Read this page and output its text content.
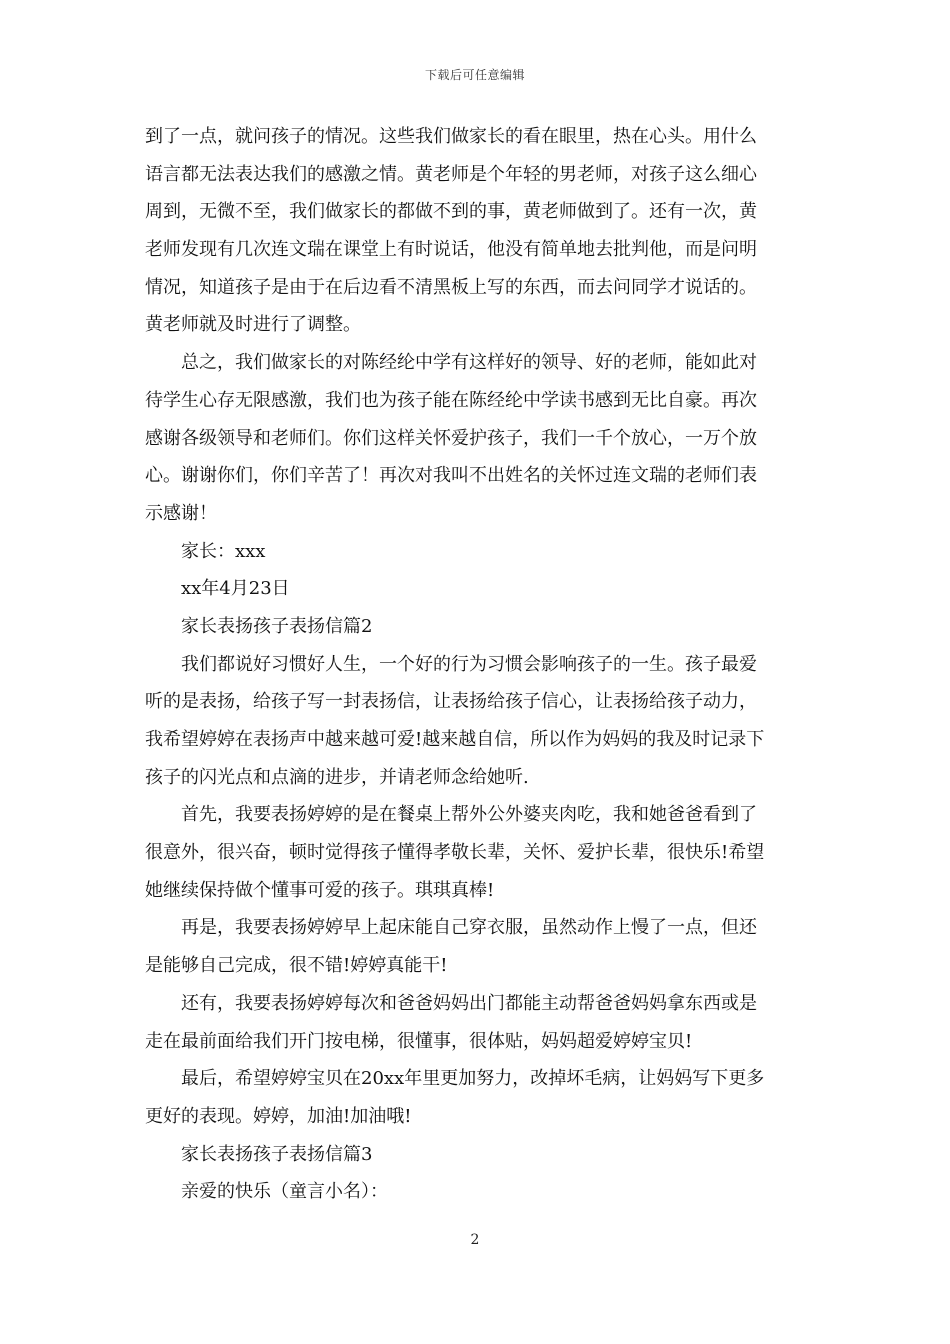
下载后可任意编辑
到了一点，就问孩子的情况。这些我们做家长的看在眼里，热在心头。用什么
语言都无法表达我们的感激之情。黄老师是个年轻的男老师，对孩子这么细心
周到，无微不至，我们做家长的都做不到的事，黄老师做到了。还有一次，黄
老师发现有几次连文瑞在课堂上有时说话，他没有简单地去批判他，而是问明
情况，知道孩子是由于在后边看不清黑板上写的东西，而去问同学才说话的。
黄老师就及时进行了调整。
总之，我们做家长的对陈经纶中学有这样好的领导、好的老师，能如此对
待学生心存无限感激，我们也为孩子能在陈经纶中学读书感到无比自豪。再次
感谢各级领导和老师们。你们这样关怀爱护孩子，我们一千个放心，一万个放
心。谢谢你们，你们辛苦了！再次对我叫不出姓名的关怀过连文瑞的老师们表
示感谢！
家长：xxx
xx年4月23日
家长表扬孩子表扬信篇2
我们都说好习惯好人生，一个好的行为习惯会影响孩子的一生。孩子最爱
听的是表扬，给孩子写一封表扬信，让表扬给孩子信心，让表扬给孩子动力，
我希望婷婷在表扬声中越来越可爱!越来越自信，所以作为妈妈的我及时记录下
孩子的闪光点和点滴的进步，并请老师念给她听.
首先，我要表扬婷婷的是在餐桌上帮外公外婆夹肉吃，我和她爸爸看到了
很意外，很兴奋，顿时觉得孩子懂得孝敬长辈，关怀、爱护长辈，很快乐!希望
她继续保持做个懂事可爱的孩子。琪琪真棒!
再是，我要表扬婷婷早上起床能自己穿衣服，虽然动作上慢了一点，但还
是能够自己完成，很不错!婷婷真能干!
还有，我要表扬婷婷每次和爸爸妈妈出门都能主动帮爸爸妈妈拿东西或是
走在最前面给我们开门按电梯，很懂事，很体贴，妈妈超爱婷婷宝贝!
最后，希望婷婷宝贝在20xx年里更加努力，改掉坏毛病，让妈妈写下更多
更好的表现。婷婷，加油!加油哦!
家长表扬孩子表扬信篇3
亲爱的快乐（童言小名）：
2
